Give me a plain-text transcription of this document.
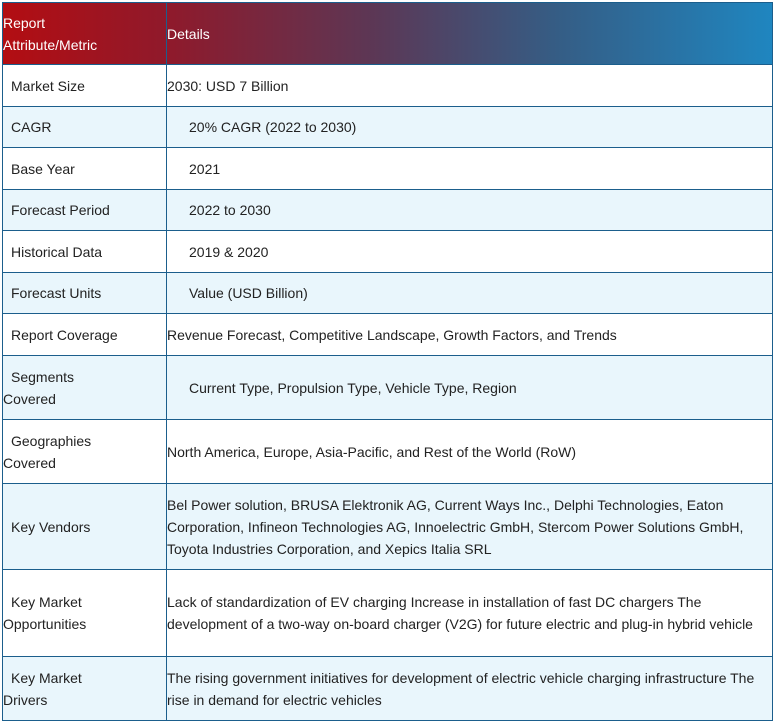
Report
Attribute/Metric	Details
Market Size	2030: USD 7 Billion
CAGR	20% CAGR (2022 to 2030)
Base Year	2021
Forecast Period	2022 to 2030
Historical Data	2019 & 2020
Forecast Units	Value (USD Billion)
Report Coverage	Revenue Forecast, Competitive Landscape, Growth Factors, and Trends
Segments
Covered	Current Type, Propulsion Type, Vehicle Type, Region
Geographies
Covered	North America, Europe, Asia-Pacific, and Rest of the World (RoW)
Key Vendors	Bel Power solution, BRUSA Elektronik AG, Current Ways Inc., Delphi Technologies, Eaton Corporation, Infineon Technologies AG, Innoelectric GmbH, Stercom Power Solutions GmbH, Toyota Industries Corporation, and Xepics Italia SRL
Key Market
Opportunities	Lack of standardization of EV charging Increase in installation of fast DC chargers The development of a two-way on-board charger (V2G) for future electric and plug-in hybrid vehicle
Key Market
Drivers	The rising government initiatives for development of electric vehicle charging infrastructure The rise in demand for electric vehicles
